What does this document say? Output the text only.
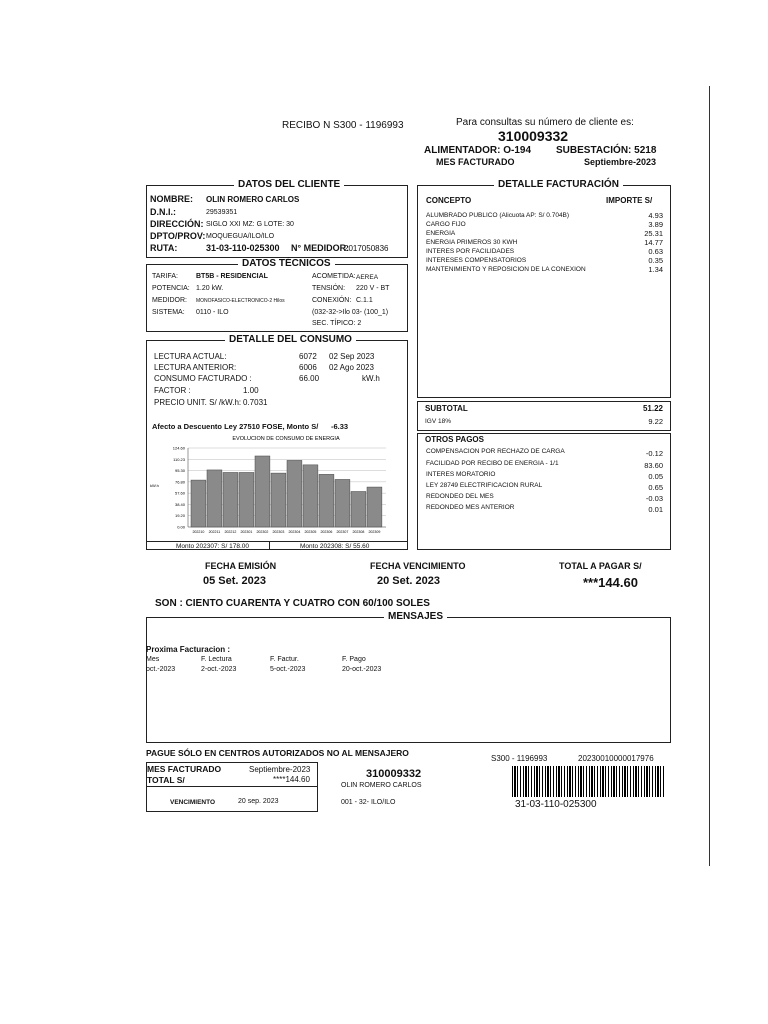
RECIBO N S300 - 1196993	Para consultas su número de cliente es:
310009332
ALIMENTADOR: O-194 SUBESTACIÓN: 5218
MES FACTURADO	Septiembre-2023
DATOS DEL CLIENTE
NOMBRE: OLIN ROMERO CARLOS
D.N.I.:	29539351
DIRECCIÓN: SIGLO XXI MZ: G LOTE: 30
DPTO/PROV: MOQUEGUA/ILO/ILO
RUTA:	31-03-110-025300 N° MEDIDOR:
2017050836
DATOS TÉCNICOS
TARIFA:	BT5B - RESIDENCIAL
POTENCIA: 1.20 kW.
MEDIDOR: MONOFASICO-ELECTRONICO-2 Hilos
SISTEMA: 0110 - ILO
ACOMETIDA: AEREA
TENSIÓN: 220 V - BT
CONEXIÓN: C.1.1
(032-32->Ilo 03- (100_1)
SEC. TÍPICO: 2
DETALLE DEL CONSUMO
LECTURA ACTUAL:	6072 02 Sep 2023
LECTURA ANTERIOR:	6006 02 Ago 2023
CONSUMO FACTURADO :	66.00	kW.h
FACTOR :	1.00
PRECIO UNIT. S/ /kW.h: 0.7031
Afecto a Descuento Ley 27510 FOSE, Monto S/ -6.33
EVOLUCION DE CONSUMO DE ENERGIA
kW.h
124.60
110.23
95.30
76.80
57.60
38.40
19.20
0.00
202210 202211 202212 202301 202302 202303 202304 202305 202306 202307 202308 202309
Monto 202307: S/ 178.00	Monto 202308: S/ 55.60
DETALLE FACTURACIÓN
CONCEPTO	IMPORTE S/
ALUMBRADO PUBLICO (Alicuota AP: S/ 0.704B)	4.93
CARGO FIJO	3.89
ENERGIA	25.31
ENERGIA PRIMEROS 30 KWH	14.77
INTERES POR FACILIDADES	0.63
INTERESES COMPENSATORIOS	0.35
MANTENIMIENTO Y REPOSICION DE LA CONEXION	1.34
SUBTOTAL	51.22
IGV 18%	9.22
OTROS PAGOS
COMPENSACION POR RECHAZO DE CARGA	-0.12
FACILIDAD POR RECIBO DE ENERGIA - 1/1	83.60
INTERES MORATORIO	0.05
LEY 28749 ELECTRIFICACION RURAL	0.65
REDONDEO DEL MES	-0.03
REDONDEO MES ANTERIOR	0.01
FECHA EMISIÓN
05 Set. 2023
FECHA VENCIMIENTO
20 Set. 2023
TOTAL A PAGAR S/
***144.60
SON : CIENTO CUARENTA Y CUATRO CON 60/100 SOLES
MENSAJES
Proxima Facturacion :
Mes	F. Lectura	F. Factur.	F. Pago
oct.-2023	2-oct.-2023	5-oct.-2023	20-oct.-2023
PAGUE SÓLO EN CENTROS AUTORIZADOS NO AL MENSAJERO
S300 - 1196993	20230010000017976
MES FACTURADO	Septiembre-2023
TOTAL S/	****144.60
VENCIMIENTO	20 sep. 2023
310009332
OLIN ROMERO CARLOS
001 - 32- ILO/ILO	31-03-110-025300
